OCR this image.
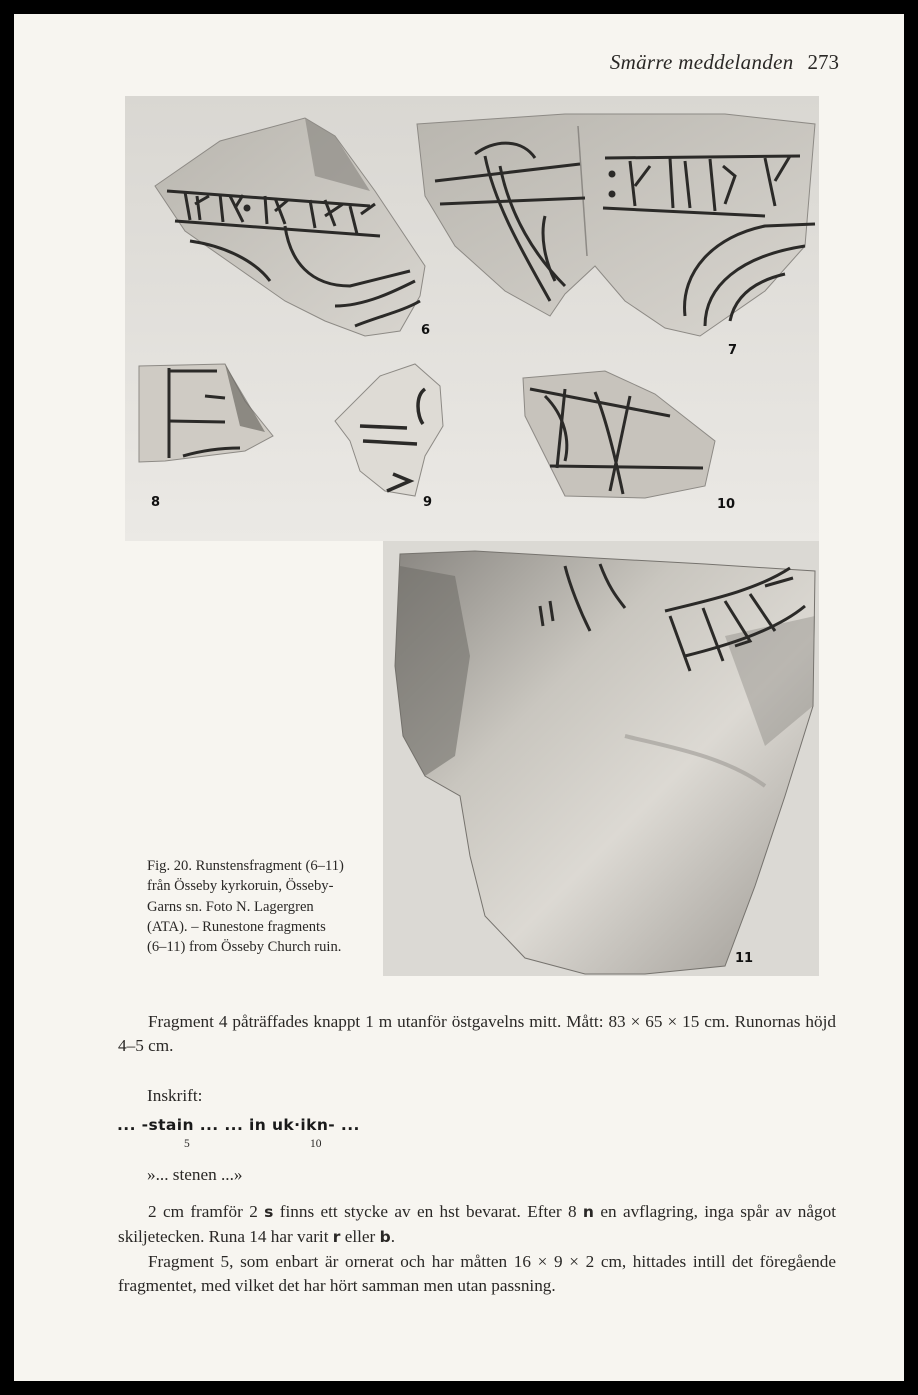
Smärre meddelanden 273
6
7
8	9	10
11
Fig. 20. Runstensfragment (6–11)
från Össeby kyrkoruin, Össeby-
Garns sn. Foto N. Lagergren
(ATA). – Runestone fragments
(6–11) from Össeby Church ruin.

Fragment 4 påträffades knappt 1 m utanför östgavelns mitt. Mått: 83 × 65 × 15 cm. Runornas höjd 4–5 cm.

Inskrift:
... -stain ... ... in uk·ikn- ...
5	10
»... stenen ...»

2 cm framför 2 s finns ett stycke av en hst bevarat. Efter 8 n en avflagring, inga spår av något skiljetecken. Runa 14 har varit r eller b.

Fragment 5, som enbart är ornerat och har måtten 16 × 9 × 2 cm, hittades intill det föregående fragmentet, med vilket det har hört samman men utan passning.
